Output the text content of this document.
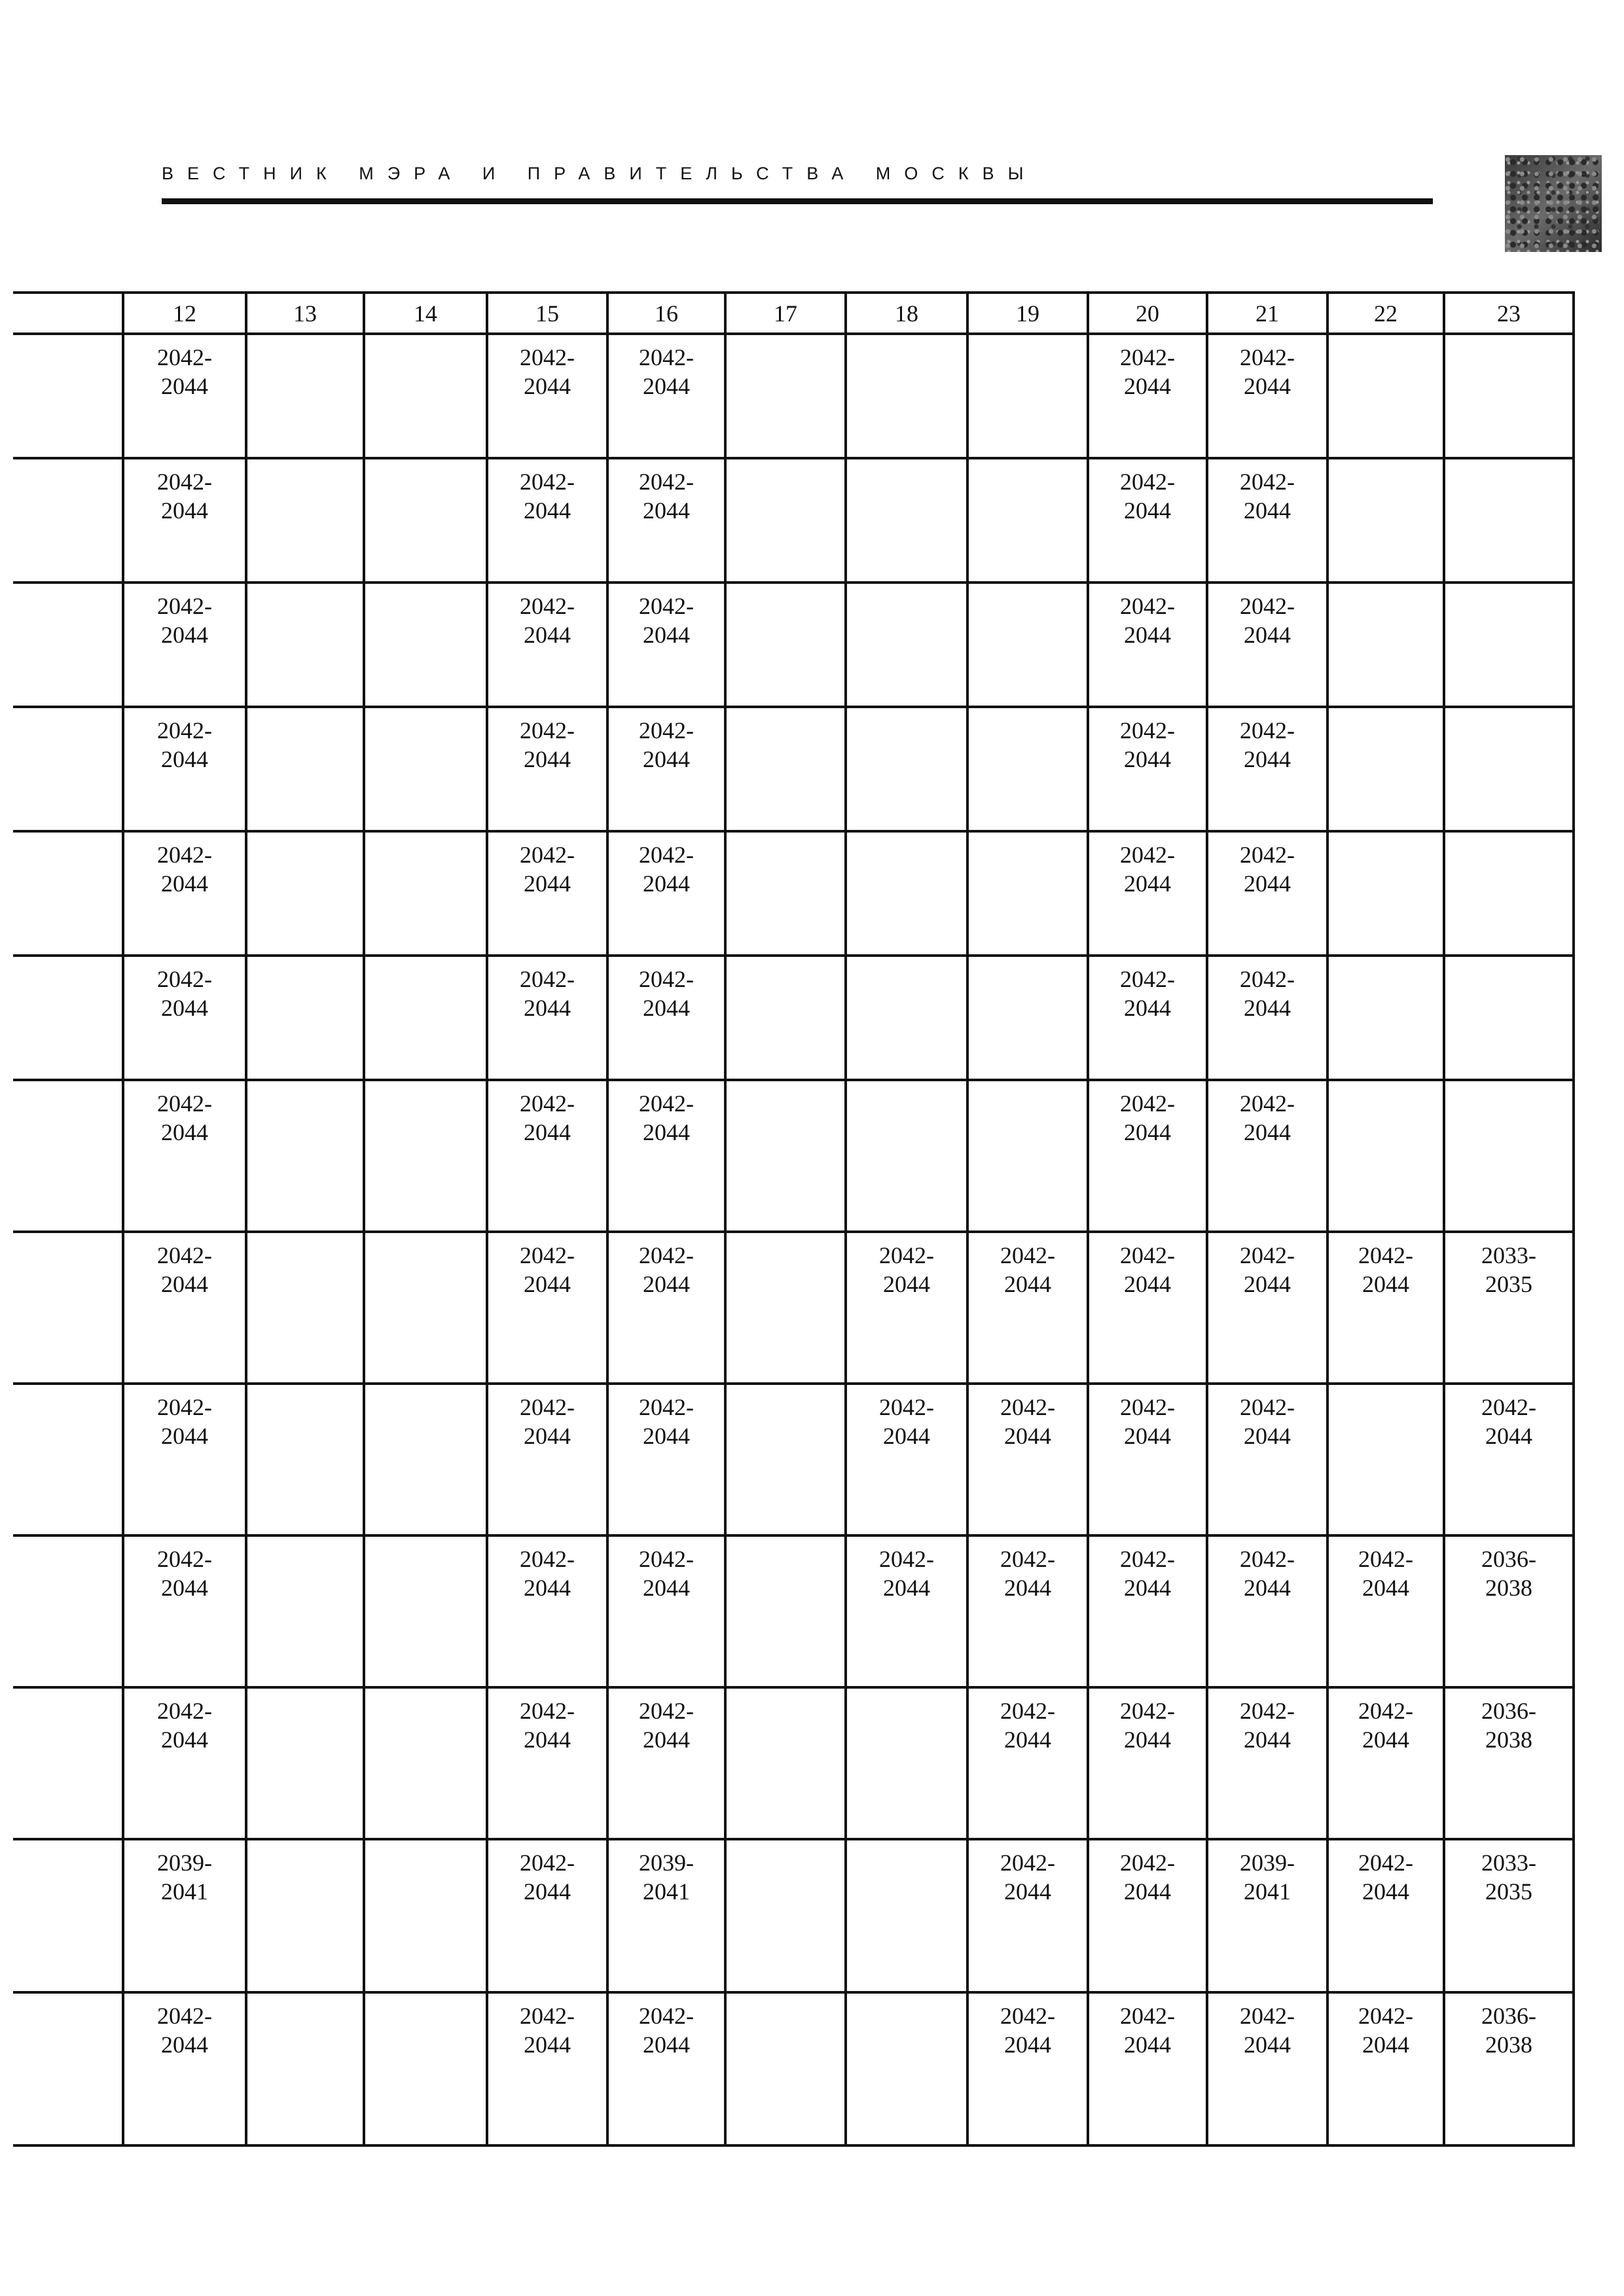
ВЕСТНИК МЭРА И ПРАВИТЕЛЬСТВА МОСКВЫ
	12	13	14	15	16	17	18	19	20	21	22	23

	2042-
2044			2042-
2044	2042-
2044				2042-
2044	2042-
2044		

	2042-
2044			2042-
2044	2042-
2044				2042-
2044	2042-
2044		

	2042-
2044			2042-
2044	2042-
2044				2042-
2044	2042-
2044		

	2042-
2044			2042-
2044	2042-
2044				2042-
2044	2042-
2044		

	2042-
2044			2042-
2044	2042-
2044				2042-
2044	2042-
2044		

	2042-
2044			2042-
2044	2042-
2044				2042-
2044	2042-
2044		

	2042-
2044			2042-
2044	2042-
2044				2042-
2044	2042-
2044		

	2042-
2044			2042-
2044	2042-
2044		2042-
2044	2042-
2044	2042-
2044	2042-
2044	2042-
2044	2033-
2035

	2042-
2044			2042-
2044	2042-
2044		2042-
2044	2042-
2044	2042-
2044	2042-
2044		2042-
2044

	2042-
2044			2042-
2044	2042-
2044		2042-
2044	2042-
2044	2042-
2044	2042-
2044	2042-
2044	2036-
2038

	2042-
2044			2042-
2044	2042-
2044			2042-
2044	2042-
2044	2042-
2044	2042-
2044	2036-
2038

	2039-
2041			2042-
2044	2039-
2041			2042-
2044	2042-
2044	2039-
2041	2042-
2044	2033-
2035

	2042-
2044			2042-
2044	2042-
2044			2042-
2044	2042-
2044	2042-
2044	2042-
2044	2036-
2038
